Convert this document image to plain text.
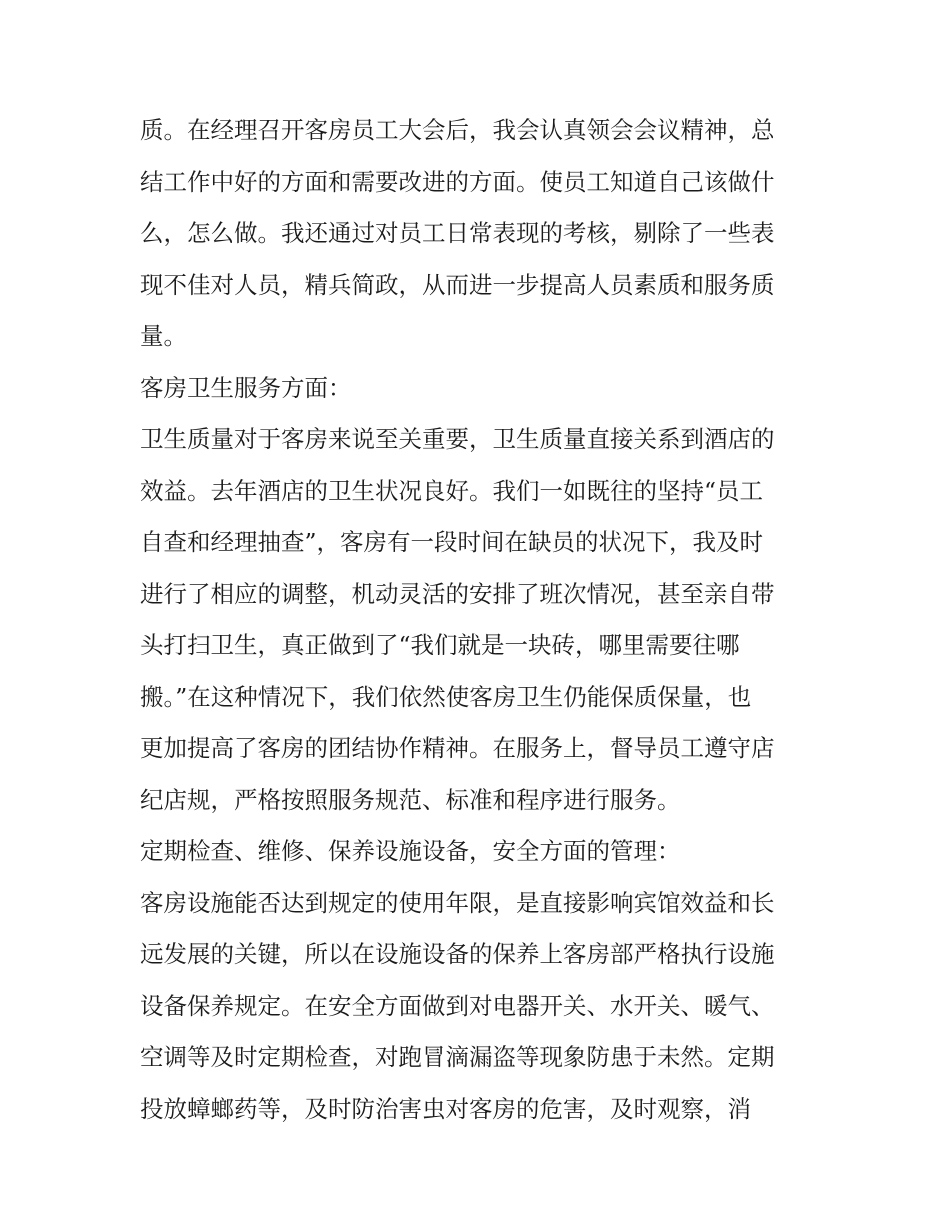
质。在经理召开客房员工大会后，我会认真领会会议精神，总
结工作中好的方面和需要改进的方面。使员工知道自己该做什
么，怎么做。我还通过对员工日常表现的考核，剔除了一些表
现不佳对人员，精兵简政，从而进一步提高人员素质和服务质
量。
客房卫生服务方面：
卫生质量对于客房来说至关重要，卫生质量直接关系到酒店的
效益。去年酒店的卫生状况良好。我们一如既往的坚持“员工
自查和经理抽查”，客房有一段时间在缺员的状况下，我及时
进行了相应的调整，机动灵活的安排了班次情况，甚至亲自带
头打扫卫生，真正做到了“我们就是一块砖，哪里需要往哪
搬。”在这种情况下，我们依然使客房卫生仍能保质保量，也
更加提高了客房的团结协作精神。在服务上，督导员工遵守店
纪店规，严格按照服务规范、标准和程序进行服务。
定期检查、维修、保养设施设备，安全方面的管理：
客房设施能否达到规定的使用年限，是直接影响宾馆效益和长
远发展的关键，所以在设施设备的保养上客房部严格执行设施
设备保养规定。在安全方面做到对电器开关、水开关、暖气、
空调等及时定期检查，对跑冒滴漏盗等现象防患于未然。定期
投放蟑螂药等，及时防治害虫对客房的危害，及时观察，消
